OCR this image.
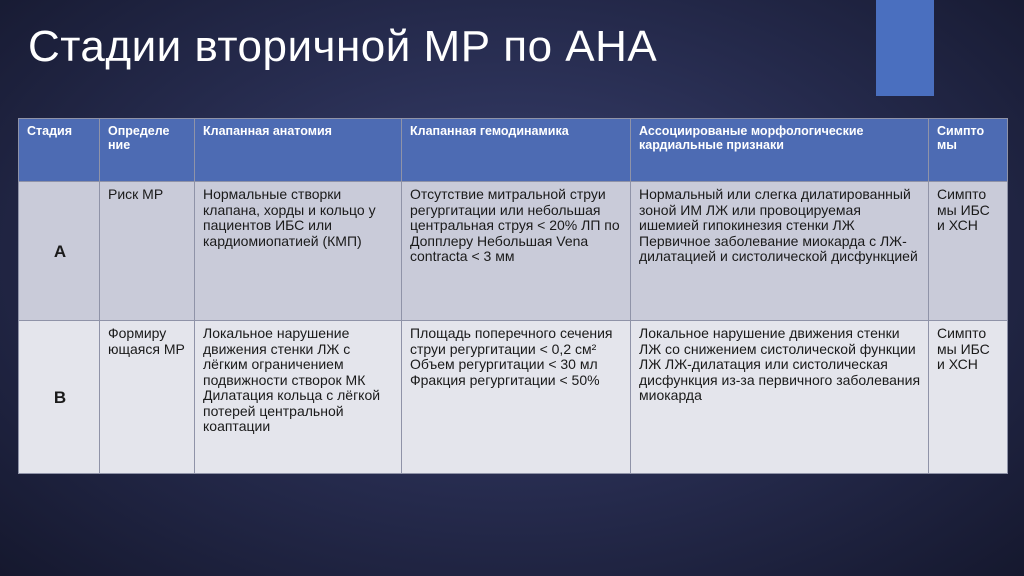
Стадии вторичной МР по АНА
Стадия	Определе ние	Клапанная анатомия	Клапанная гемодинамика	Ассоциированые морфологические кардиальные признаки	Симпто мы
А	Риск МР	Нормальные створки клапана, хорды и кольцо у пациентов ИБС или кардиомиопатией (КМП)	Отсутствие митральной струи регургитации или небольшая центральная струя < 20% ЛП по Допплеру Небольшая Vena contracta < 3 мм	Нормальный или слегка дилатированный зоной ИМ ЛЖ или провоцируемая ишемией гипокинезия стенки ЛЖ Первичное заболевание миокарда с ЛЖ-дилатацией и систолической дисфункцией	Симпто мы ИБС и ХСН
В	Формиру ющаяся МР	Локальное нарушение движения стенки ЛЖ с лёгким ограничением подвижности створок МК Дилатация кольца с лёгкой потерей центральной коаптации	Площадь поперечного сечения струи регургитации < 0,2 см² Объем регургитации < 30 мл Фракция регургитации < 50%	Локальное нарушение движения стенки ЛЖ со снижением систолической функции ЛЖ ЛЖ-дилатация или систолическая дисфункция из-за первичного заболевания миокарда	Симпто мы ИБС и ХСН
